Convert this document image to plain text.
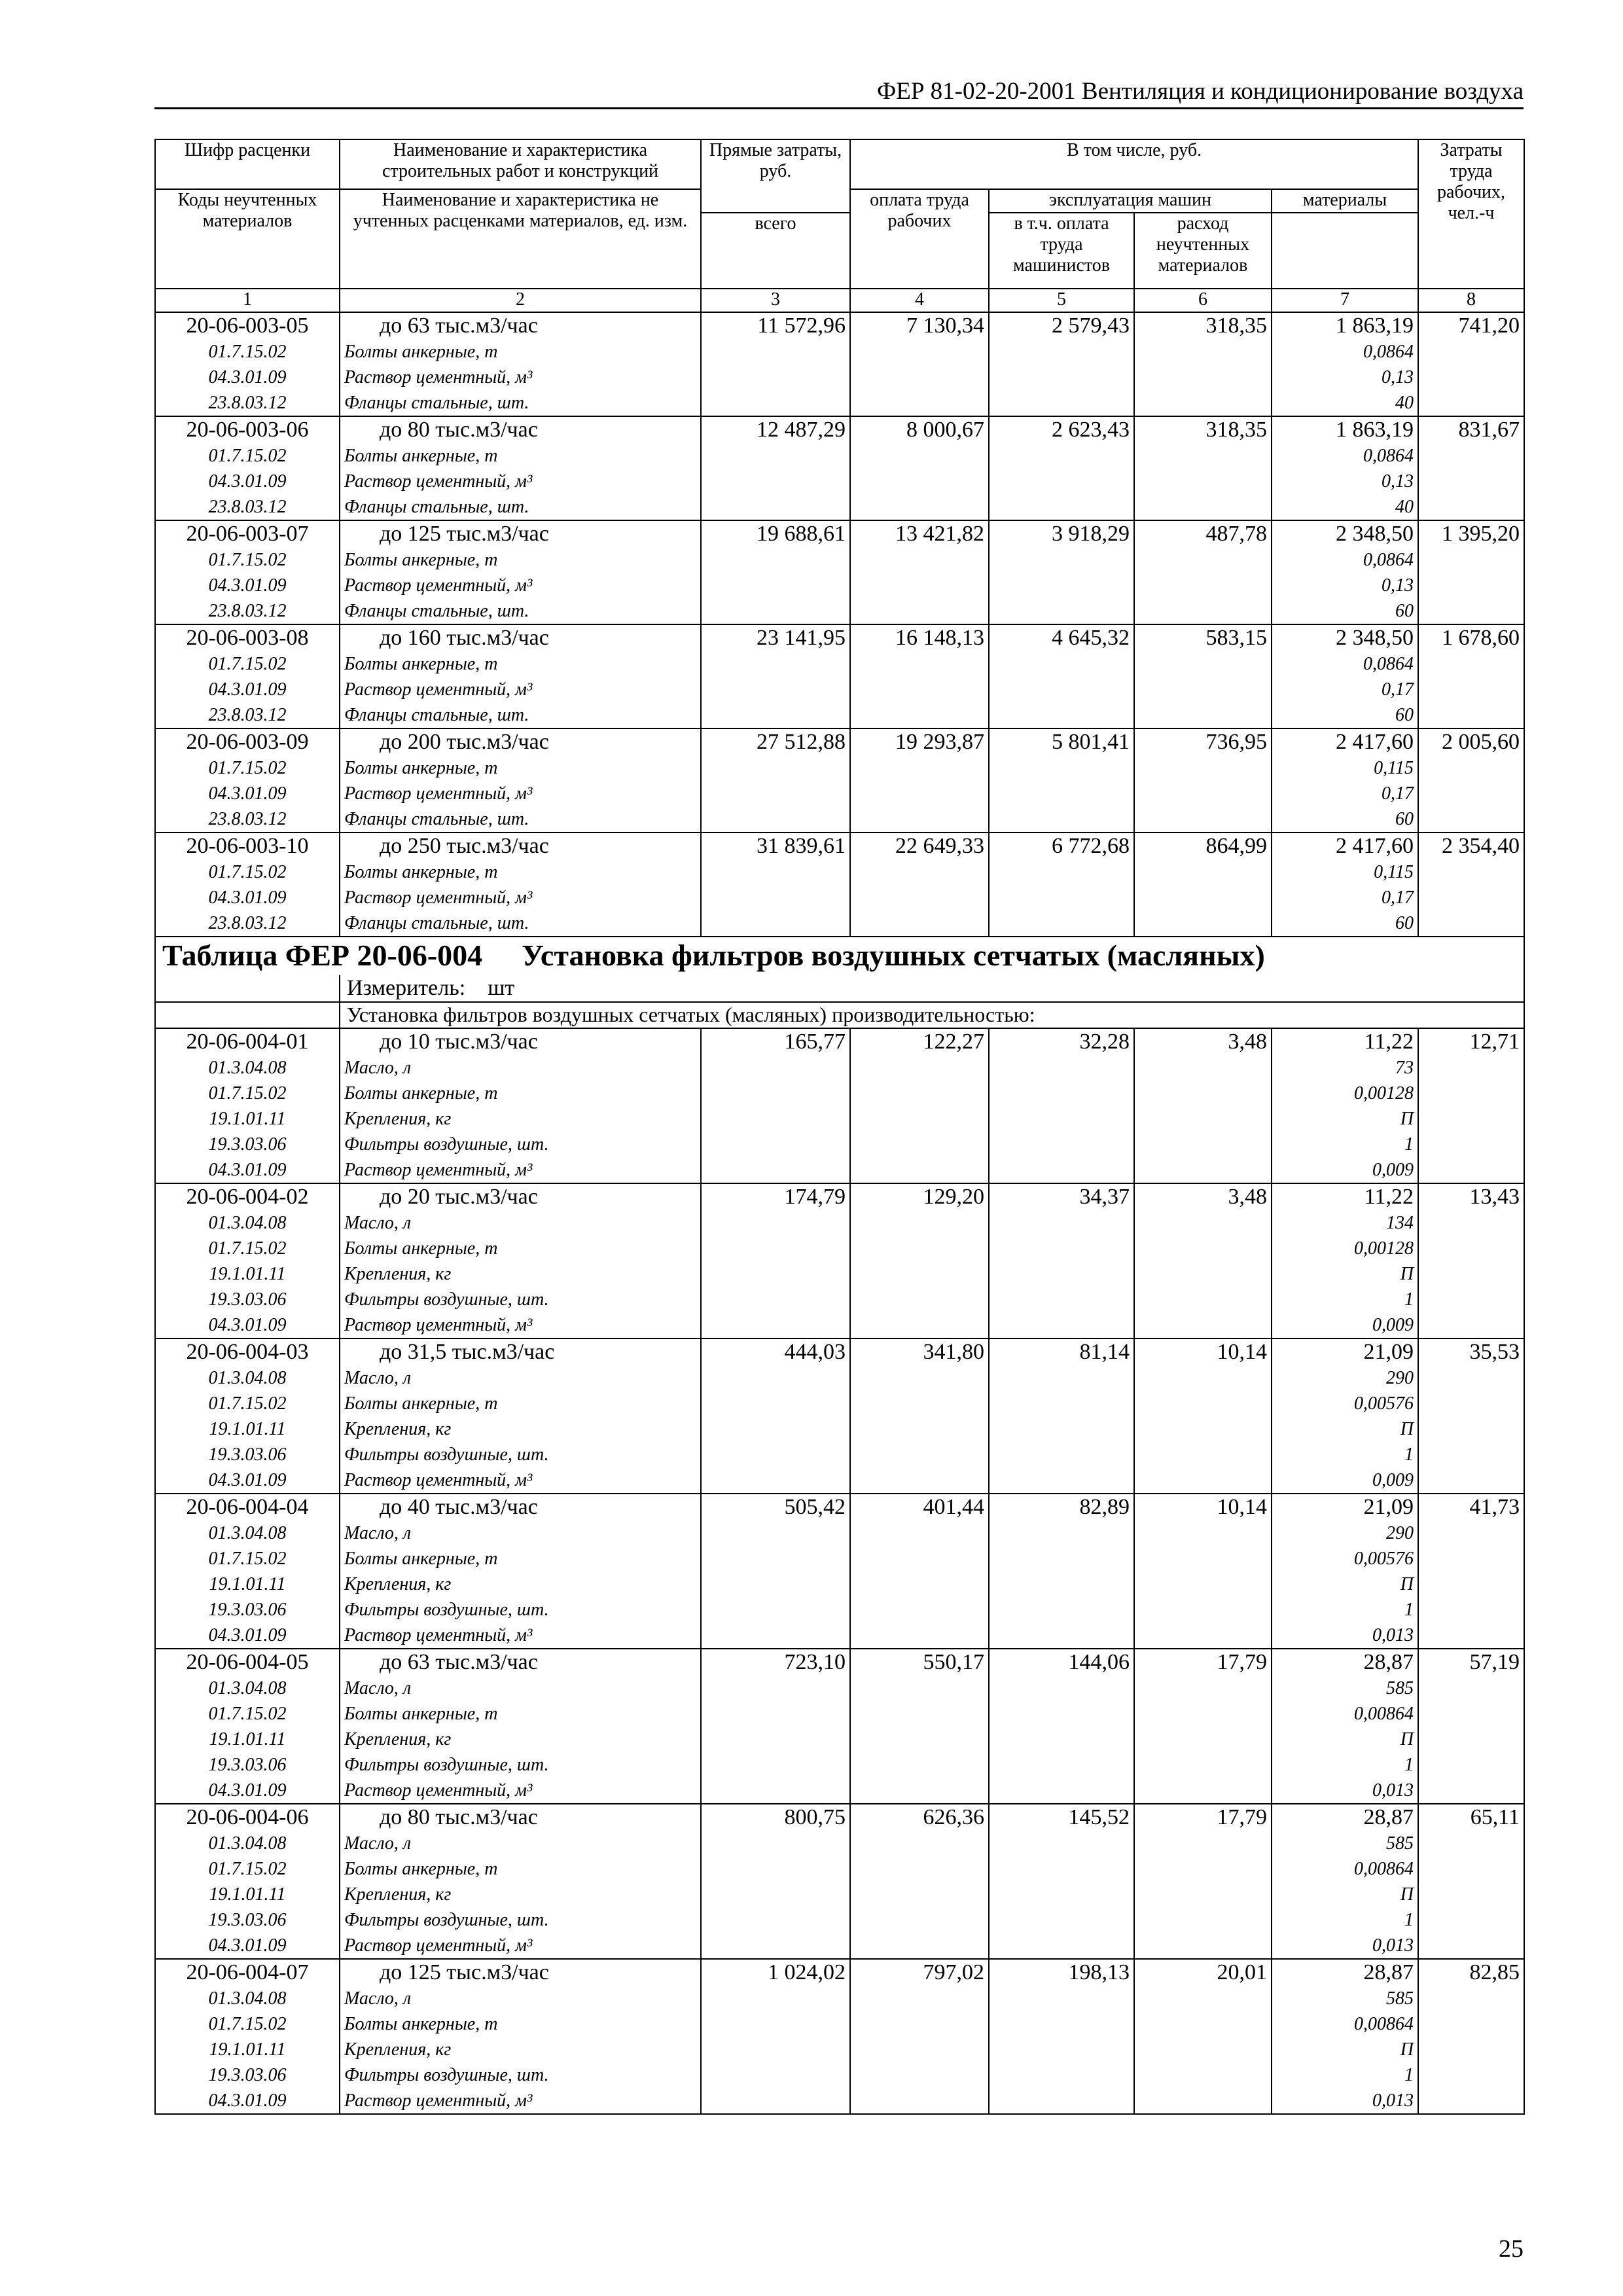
ФЕР 81-02-20-2001 Вентиляция и кондиционирование воздуха
Шифр расценки	Наименование и характеристика строительных работ и конструкций	Прямые затраты, руб.	В том числе, руб.				Затраты труда рабочих, чел.-ч

Коды неучтенных материалов	Наименование и характеристика не учтенных расценками материалов, ед. изм.		оплата труда рабочих	эксплуатация машин		материалы	
		всего		в т.ч. оплата труда машинистов	расход неучтенных материалов		
1	2	3	4	5	6	7	8
20-06-003-05	до 63 тыс.м3/час	11 572,96	7 130,34	2 579,43	318,35	1 863,19	741,20
01.7.15.02	Болты анкерные, т					0,0864	
04.3.01.09	Раствор цементный, м³					0,13	
23.8.03.12	Фланцы стальные, шт.					40	
20-06-003-06	до 80 тыс.м3/час	12 487,29	8 000,67	2 623,43	318,35	1 863,19	831,67
01.7.15.02	Болты анкерные, т					0,0864	
04.3.01.09	Раствор цементный, м³					0,13	
23.8.03.12	Фланцы стальные, шт.					40	
20-06-003-07	до 125 тыс.м3/час	19 688,61	13 421,82	3 918,29	487,78	2 348,50	1 395,20
01.7.15.02	Болты анкерные, т					0,0864	
04.3.01.09	Раствор цементный, м³					0,13	
23.8.03.12	Фланцы стальные, шт.					60	
20-06-003-08	до 160 тыс.м3/час	23 141,95	16 148,13	4 645,32	583,15	2 348,50	1 678,60
01.7.15.02	Болты анкерные, т					0,0864	
04.3.01.09	Раствор цементный, м³					0,17	
23.8.03.12	Фланцы стальные, шт.					60	
20-06-003-09	до 200 тыс.м3/час	27 512,88	19 293,87	5 801,41	736,95	2 417,60	2 005,60
01.7.15.02	Болты анкерные, т					0,115	
04.3.01.09	Раствор цементный, м³					0,17	
23.8.03.12	Фланцы стальные, шт.					60	
20-06-003-10	до 250 тыс.м3/час	31 839,61	22 649,33	6 772,68	864,99	2 417,60	2 354,40
01.7.15.02	Болты анкерные, т					0,115	
04.3.01.09	Раствор цементный, м³					0,17	
23.8.03.12	Фланцы стальные, шт.					60	
Таблица ФЕР 20-06-004 Установка фильтров воздушных сетчатых (масляных)							
	Измеритель: шт						
	Установка фильтров воздушных сетчатых (масляных) производительностью:						
20-06-004-01	до 10 тыс.м3/час	165,77	122,27	32,28	3,48	11,22	12,71
01.3.04.08	Масло, л					73	
01.7.15.02	Болты анкерные, т					0,00128	
19.1.01.11	Крепления, кг					П	
19.3.03.06	Фильтры воздушные, шт.					1	
04.3.01.09	Раствор цементный, м³					0,009	
20-06-004-02	до 20 тыс.м3/час	174,79	129,20	34,37	3,48	11,22	13,43
01.3.04.08	Масло, л					134	
01.7.15.02	Болты анкерные, т					0,00128	
19.1.01.11	Крепления, кг					П	
19.3.03.06	Фильтры воздушные, шт.					1	
04.3.01.09	Раствор цементный, м³					0,009	
20-06-004-03	до 31,5 тыс.м3/час	444,03	341,80	81,14	10,14	21,09	35,53
01.3.04.08	Масло, л					290	
01.7.15.02	Болты анкерные, т					0,00576	
19.1.01.11	Крепления, кг					П	
19.3.03.06	Фильтры воздушные, шт.					1	
04.3.01.09	Раствор цементный, м³					0,009	
20-06-004-04	до 40 тыс.м3/час	505,42	401,44	82,89	10,14	21,09	41,73
01.3.04.08	Масло, л					290	
01.7.15.02	Болты анкерные, т					0,00576	
19.1.01.11	Крепления, кг					П	
19.3.03.06	Фильтры воздушные, шт.					1	
04.3.01.09	Раствор цементный, м³					0,013	
20-06-004-05	до 63 тыс.м3/час	723,10	550,17	144,06	17,79	28,87	57,19
01.3.04.08	Масло, л					585	
01.7.15.02	Болты анкерные, т					0,00864	
19.1.01.11	Крепления, кг					П	
19.3.03.06	Фильтры воздушные, шт.					1	
04.3.01.09	Раствор цементный, м³					0,013	
20-06-004-06	до 80 тыс.м3/час	800,75	626,36	145,52	17,79	28,87	65,11
01.3.04.08	Масло, л					585	
01.7.15.02	Болты анкерные, т					0,00864	
19.1.01.11	Крепления, кг					П	
19.3.03.06	Фильтры воздушные, шт.					1	
04.3.01.09	Раствор цементный, м³					0,013	
20-06-004-07	до 125 тыс.м3/час	1 024,02	797,02	198,13	20,01	28,87	82,85
01.3.04.08	Масло, л					585	
01.7.15.02	Болты анкерные, т					0,00864	
19.1.01.11	Крепления, кг					П	
19.3.03.06	Фильтры воздушные, шт.					1	
04.3.01.09	Раствор цементный, м³					0,013	
25
